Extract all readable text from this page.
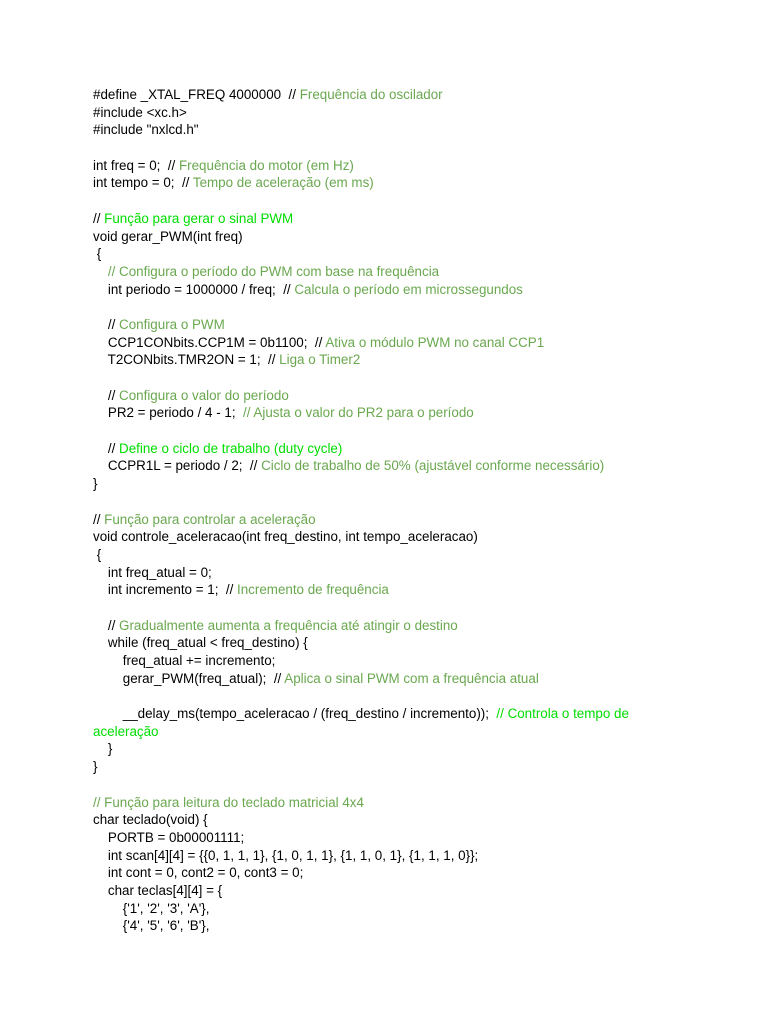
#define _XTAL_FREQ 4000000  // Frequência do oscilador
#include <xc.h>
#include "nxlcd.h"
int freq = 0;  // Frequência do motor (em Hz)
int tempo = 0;  // Tempo de aceleração (em ms)
// Função para gerar o sinal PWM
void gerar_PWM(int freq)
{
// Configura o período do PWM com base na frequência
int periodo = 1000000 / freq;  // Calcula o período em microssegundos
// Configura o PWM
CCP1CONbits.CCP1M = 0b1100;  // Ativa o módulo PWM no canal CCP1
T2CONbits.TMR2ON = 1;  // Liga o Timer2
// Configura o valor do período
PR2 = periodo / 4 - 1;  // Ajusta o valor do PR2 para o período
// Define o ciclo de trabalho (duty cycle)
CCPR1L = periodo / 2;  // Ciclo de trabalho de 50% (ajustável conforme necessário)
}
// Função para controlar a aceleração
void controle_aceleracao(int freq_destino, int tempo_aceleracao)
{
int freq_atual = 0;
int incremento = 1;  // Incremento de frequência
// Gradualmente aumenta a frequência até atingir o destino
while (freq_atual < freq_destino) {
freq_atual += incremento;
gerar_PWM(freq_atual);  // Aplica o sinal PWM com a frequência atual
__delay_ms(tempo_aceleracao / (freq_destino / incremento));  // Controla o tempo de aceleração
}
}
// Função para leitura do teclado matricial 4x4
char teclado(void) {
PORTB = 0b00001111;
int scan[4][4] = {{0, 1, 1, 1}, {1, 0, 1, 1}, {1, 1, 0, 1}, {1, 1, 1, 0}};
int cont = 0, cont2 = 0, cont3 = 0;
char teclas[4][4] = {
{'1', '2', '3', 'A'},
{'4', '5', '6', 'B'},
